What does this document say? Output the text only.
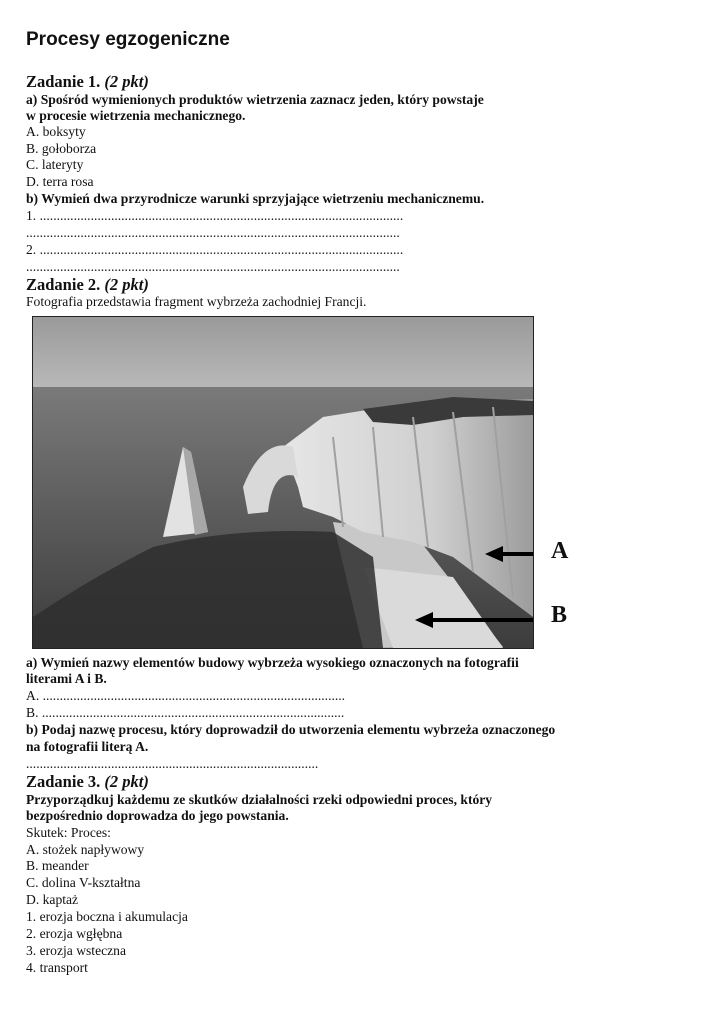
Procesy egzogeniczne
Zadanie 1. (2 pkt)
a) Spośród wymienionych produktów wietrzenia zaznacz jeden, który powstaje
w procesie wietrzenia mechanicznego.
A. boksyty
B. gołoborza
C. lateryty
D. terra rosa
b) Wymień dwa przyrodnicze warunki sprzyjające wietrzeniu mechanicznemu.
1. ...........................................................................................................
..............................................................................................................
2. ...........................................................................................................
..............................................................................................................
Zadanie 2. (2 pkt)
Fotografia przedstawia fragment wybrzeża zachodniej Francji.
A
B
a) Wymień nazwy elementów budowy wybrzeża wysokiego oznaczonych na fotografii
literami A i B.
A. .........................................................................................
B. .........................................................................................
b) Podaj nazwę procesu, który doprowadził do utworzenia elementu wybrzeża oznaczonego
na fotografii literą A.
......................................................................................
Zadanie 3. (2 pkt)
Przyporządkuj każdemu ze skutków działalności rzeki odpowiedni proces, który
bezpośrednio doprowadza do jego powstania.
Skutek: Proces:
A. stożek napływowy
B. meander
C. dolina V-kształtna
D. kaptaż
1. erozja boczna i akumulacja
2. erozja wgłębna
3. erozja wsteczna
4. transport
